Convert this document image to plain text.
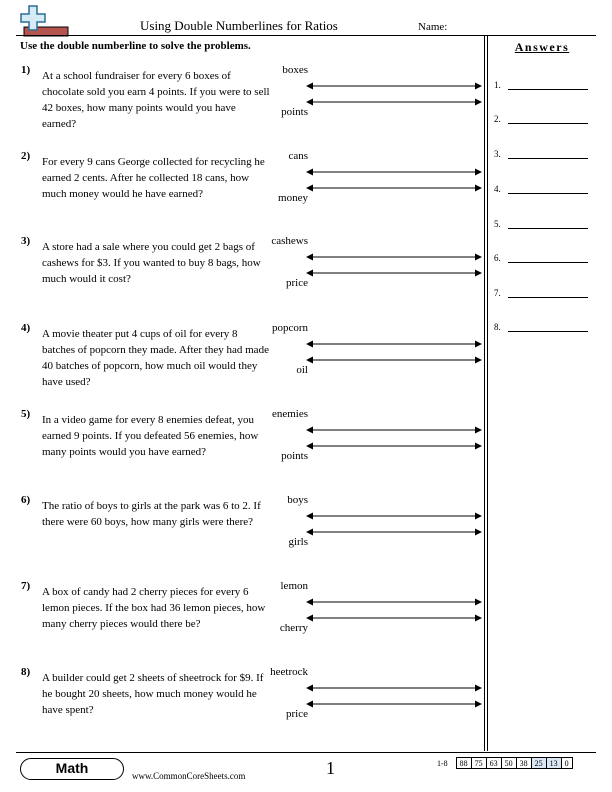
Using Double Numberlines for Ratios	Name:
Use the double numberline to solve the problems.	Answers
1.
2.
3.
4.
5.
6.
7.
8.
1) At a school fundraiser for every 6 boxes of chocolate sold you earn 4 points. If you were to sell 42 boxes, how many points would you have earned?
boxes
points
2) For every 9 cans George collected for recycling he earned 2 cents. After he collected 18 cans, how much money would he have earned?
cans
money
3) A store had a sale where you could get 2 bags of cashews for $3. If you wanted to buy 8 bags, how much would it cost?
cashews
price
4) A movie theater put 4 cups of oil for every 8 batches of popcorn they made. After they had made 40 batches of popcorn, how much oil would they have used?
popcorn
oil
5) In a video game for every 8 enemies defeat, you earned 9 points. If you defeated 56 enemies, how many points would you have earned?
enemies
points
6) The ratio of boys to girls at the park was 6 to 2. If there were 60 boys, how many girls were there?
boys
girls
7) A box of candy had 2 cherry pieces for every 6 lemon pieces. If the box had 36 lemon pieces, how many cherry pieces would there be?
lemon
cherry
8) A builder could get 2 sheets of sheetrock for $9. If he bought 20 sheets, how much money would he have spent?
heetrock
price
Math	www.CommonCoreSheets.com	1	1-8	88	75	63	50	38	25	13	0
